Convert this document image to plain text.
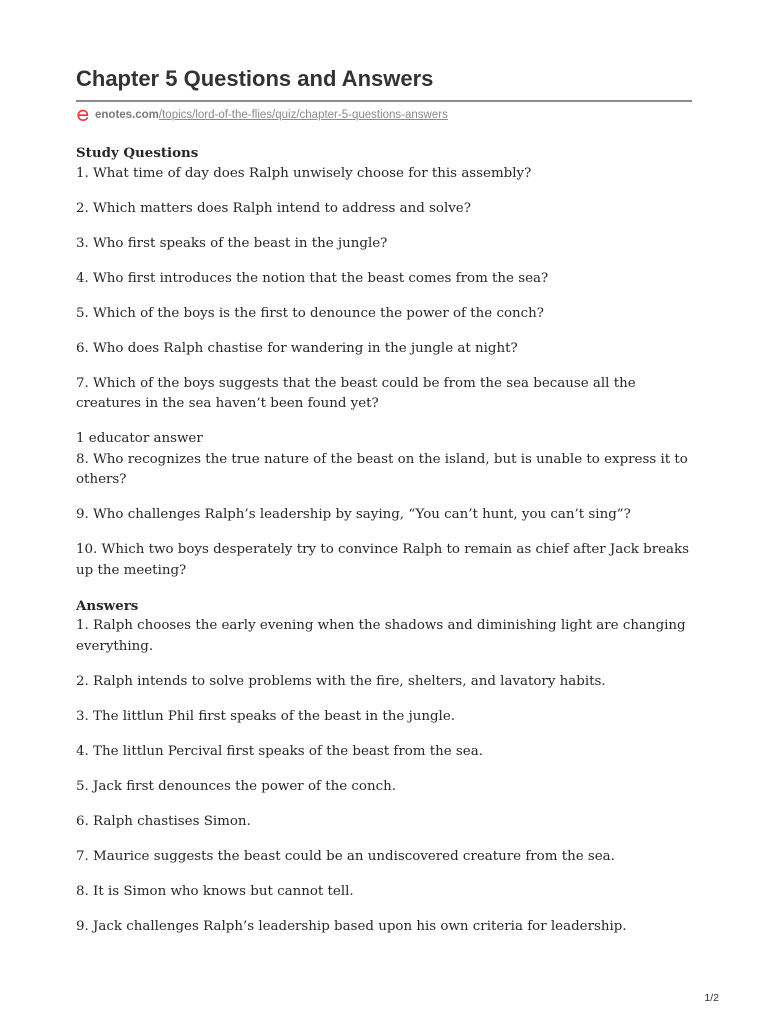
Chapter 5 Questions and Answers
enotes.com /topics/lord-of-the-flies/quiz/chapter-5-questions-answers

Study Questions

1. What time of day does Ralph unwisely choose for this assembly?

2. Which matters does Ralph intend to address and solve?

3. Who first speaks of the beast in the jungle?

4. Who first introduces the notion that the beast comes from the sea?

5. Which of the boys is the first to denounce the power of the conch?

6. Who does Ralph chastise for wandering in the jungle at night?

7. Which of the boys suggests that the beast could be from the sea because all the creatures in the sea haven’t been found yet?

1 educator answer

8. Who recognizes the true nature of the beast on the island, but is unable to express it to others?

9. Who challenges Ralph’s leadership by saying, “You can’t hunt, you can’t sing”?

10. Which two boys desperately try to convince Ralph to remain as chief after Jack breaks up the meeting?

Answers

1. Ralph chooses the early evening when the shadows and diminishing light are changing everything.

2. Ralph intends to solve problems with the fire, shelters, and lavatory habits.

3. The littlun Phil first speaks of the beast in the jungle.

4. The littlun Percival first speaks of the beast from the sea.

5. Jack first denounces the power of the conch.

6. Ralph chastises Simon.

7. Maurice suggests the beast could be an undiscovered creature from the sea.

8. It is Simon who knows but cannot tell.

9. Jack challenges Ralph’s leadership based upon his own criteria for leadership.

1/2
